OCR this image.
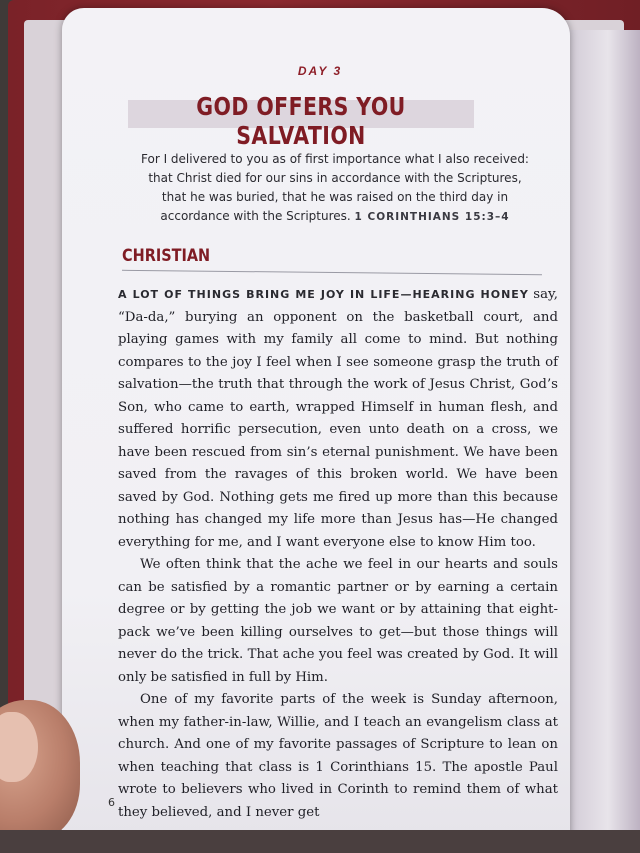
DAY 3
GOD OFFERS YOU SALVATION
For I delivered to you as of first importance what I also received:
that Christ died for our sins in accordance with the Scriptures,
that he was buried, that he was raised on the third day in
accordance with the Scriptures. 1 CORINTHIANS 15:3–4
CHRISTIAN

A LOT OF THINGS BRING ME JOY IN LIFE—HEARING HONEY say, “Da-da,” burying an opponent on the basketball court, and playing games with my family all come to mind. But nothing compares to the joy I feel when I see someone grasp the truth of salvation—the truth that through the work of Jesus Christ, God’s Son, who came to earth, wrapped Himself in human flesh, and suffered horrific persecution, even unto death on a cross, we have been rescued from sin’s eternal punishment. We have been saved from the ravages of this broken world. We have been saved by God. Nothing gets me fired up more than this because nothing has changed my life more than Jesus has—He changed everything for me, and I want everyone else to know Him too.

We often think that the ache we feel in our hearts and souls can be satisfied by a romantic partner or by earning a certain degree or by getting the job we want or by attaining that eight-pack we’ve been killing ourselves to get—but those things will never do the trick. That ache you feel was created by God. It will only be satisfied in full by Him.

One of my favorite parts of the week is Sunday afternoon, when my father-in-law, Willie, and I teach an evangelism class at church. And one of my favorite passages of Scripture to lean on when teaching that class is 1 Corinthians 15. The apostle Paul wrote to believers who lived in Corinth to remind them of what they believed, and I never get

6
